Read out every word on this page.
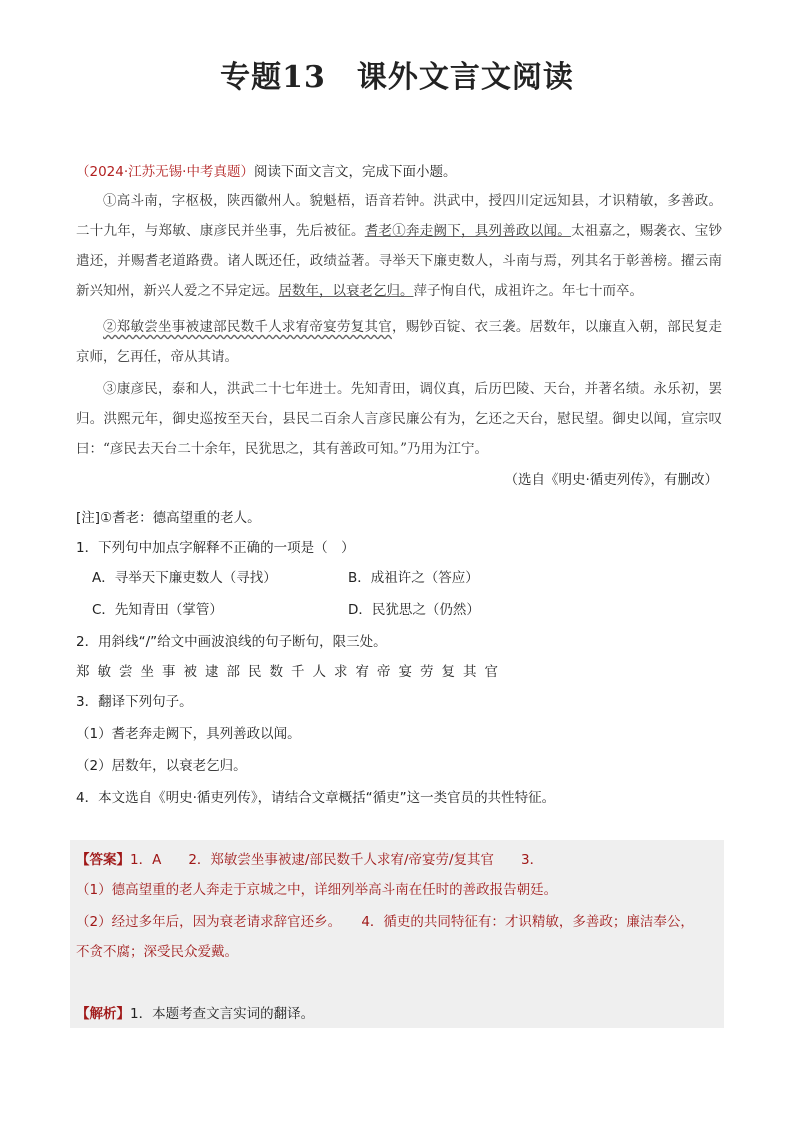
专题13　课外文言文阅读
（2024·江苏无锡·中考真题）阅读下面文言文，完成下面小题。

①高斗南，字枢极，陕西徽州人。貌魁梧，语音若钟。洪武中，授四川定远知县，才识精敏，多善政。二十九年，与郑敏、康彦民并坐事，先后被征。耆老①奔走阙下，具列善政以闻。太祖嘉之，赐袭衣、宝钞遣还，并赐耆老道路费。诸人既还任，政绩益著。寻举天下廉吏数人，斗南与焉，列其名于彰善榜。擢云南新兴知州，新兴人爱之不异定远。居数年，以衰老乞归。萍子恂自代，成祖许之。年七十而卒。

②郑敏尝坐事被逮部民数千人求宥帝宴劳复其官，赐钞百锭、衣三袭。居数年，以廉直入朝，部民复走京师，乞再任，帝从其请。

③康彦民，泰和人，洪武二十七年进士。先知青田，调仪真，后历巴陵、天台，并著名绩。永乐初，罢归。洪熙元年，御史巡按至天台，县民二百余人言彦民廉公有为，乞还之天台，慰民望。御史以闻，宣宗叹曰：“彦民去天台二十余年，民犹思之，其有善政可知。”乃用为江宁。

（选自《明史·循吏列传》，有删改）
[注]①耆老：德高望重的老人。
1．下列句中加点字解释不正确的一项是（　）
A．寻举天下廉吏数人（寻找）	B．成祖许之（答应）
C．先知青田（掌管）	D．民犹思之（仍然）
2．用斜线“/”给文中画波浪线的句子断句，限三处。
郑敏尝坐事被逮部民数千人求宥帝宴劳复其官
3．翻译下列句子。
（1）耆老奔走阙下，具列善政以闻。
（2）居数年，以衰老乞归。
4．本文选自《明史·循吏列传》，请结合文章概括“循吏”这一类官员的共性特征。
【答案】1．A　　2．郑敏尝坐事被逮/部民数千人求宥/帝宴劳/复其官　　3．
（1）德高望重的老人奔走于京城之中，详细列举高斗南在任时的善政报告朝廷。
（2）经过多年后，因为衰老请求辞官还乡。　　4．循吏的共同特征有：才识精敏，多善政；廉洁奉公，
不贪不腐；深受民众爱戴。
【解析】1．本题考查文言实词的翻译。
